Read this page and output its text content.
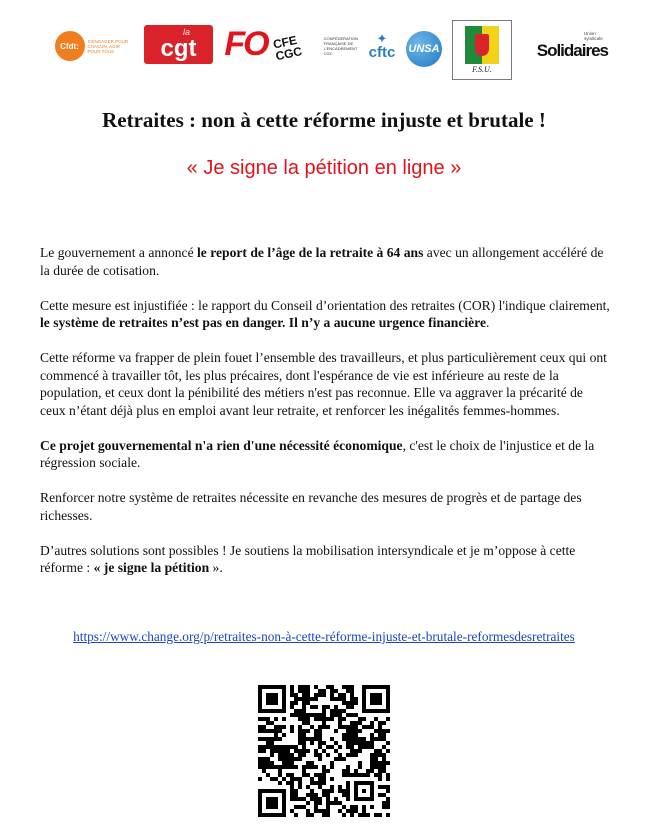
Cfdt:
S'ENGAGER POUR CHACUN, AGIR POUR TOUS
la
cgt FO CFE CGC
CONFÉDÉRATION FRANÇAISE DE L'ENCADREMENT CGC
✦
cftc UNSA
F.S.U.
Union syndicale
Solidaires
Retraites : non à cette réforme injuste et brutale !

« Je signe la pétition en ligne »

Le gouvernement a annoncé le report de l’âge de la retraite à 64 ans avec un allongement accéléré de la durée de cotisation.

Cette mesure est injustifiée : le rapport du Conseil d’orientation des retraites (COR) l'indique clairement, le système de retraites n’est pas en danger. Il n’y a aucune urgence financière.

Cette réforme va frapper de plein fouet l’ensemble des travailleurs, et plus particulièrement ceux qui ont commencé à travailler tôt, les plus précaires, dont l'espérance de vie est inférieure au reste de la population, et ceux dont la pénibilité des métiers n'est pas reconnue. Elle va aggraver la précarité de ceux n’étant déjà plus en emploi avant leur retraite, et renforcer les inégalités femmes-hommes.

Ce projet gouvernemental n'a rien d'une nécessité économique, c'est le choix de l'injustice et de la régression sociale.

Renforcer notre système de retraites nécessite en revanche des mesures de progrès et de partage des richesses.

D’autres solutions sont possibles ! Je soutiens la mobilisation intersyndicale et je m’oppose à cette réforme : « je signe la pétition ».

https://www.change.org/p/retraites-non-à-cette-réforme-injuste-et-brutale-reformesdesretraites
